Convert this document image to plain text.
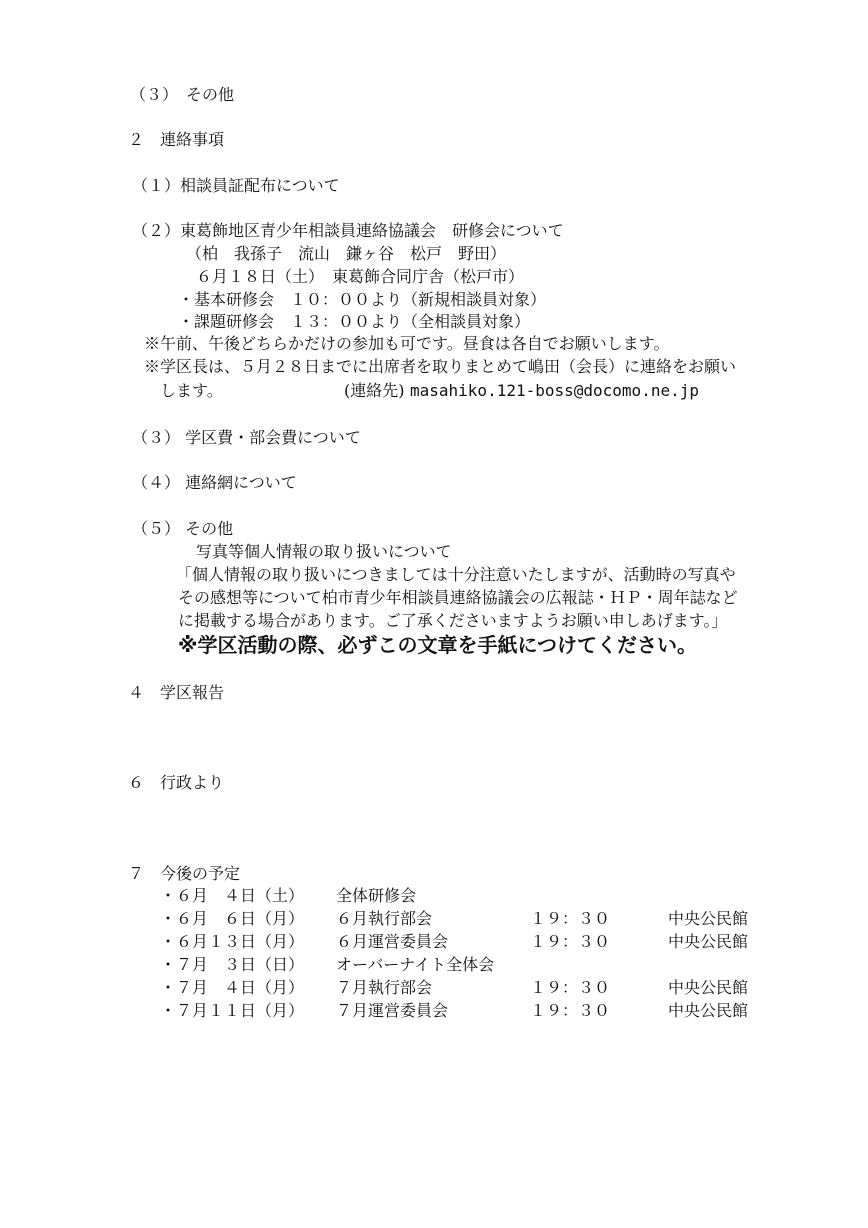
（３）　その他
２　連絡事項
（１）相談員証配布について
（２）東葛飾地区青少年相談員連絡協議会　研修会について
（柏　我孫子　流山　鎌ヶ谷　松戸　野田）
６月１８日（土）　東葛飾合同庁舎（松戸市）
・基本研修会　１０：００より（新規相談員対象）
・課題研修会　１３：００より（全相談員対象）
※午前、午後どちらかだけの参加も可です。昼食は各自でお願いします。
※学区長は、５月２８日までに出席者を取りまとめて嶋田（会長）に連絡をお願い
します。	(連絡先) masahiko.121-boss@docomo.ne.jp
（３） 学区費・部会費について
（４） 連絡網について
（５） その他
写真等個人情報の取り扱いについて
「個人情報の取り扱いにつきましては十分注意いたしますが、活動時の写真や
その感想等について柏市青少年相談員連絡協議会の広報誌・ＨＰ・周年誌など
に掲載する場合があります。ご了承くださいますようお願い申しあげます。」
※学区活動の際、必ずこの文章を手紙につけてください。
４　学区報告
６　行政より
７　今後の予定
・６月　４日（土） 全体研修会
・６月　６日（月） ６月執行部会	１９：３０	中央公民館
・６月１３日（月） ６月運営委員会	１９：３０	中央公民館
・７月　３日（日） オーバーナイト全体会
・７月　４日（月） ７月執行部会	１９：３０	中央公民館
・７月１１日（月） ７月運営委員会	１９：３０	中央公民館
